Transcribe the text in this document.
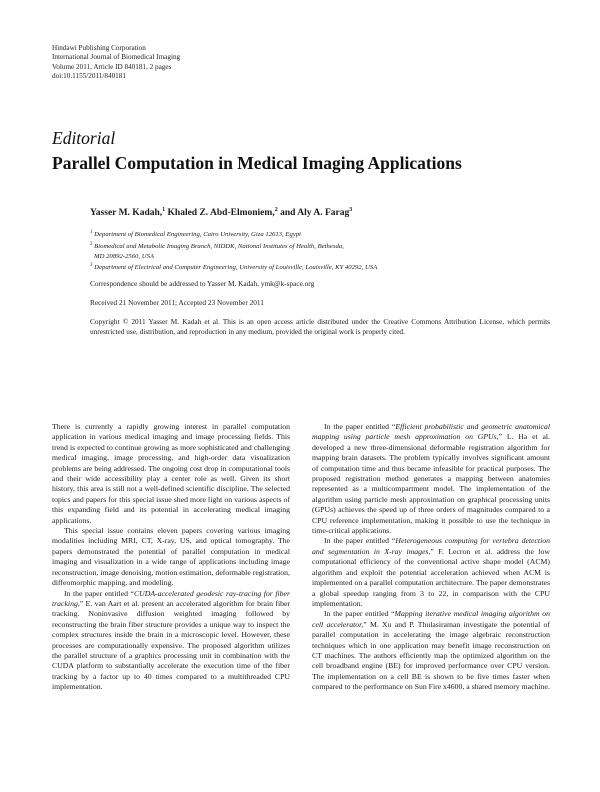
Hindawi Publishing Corporation
International Journal of Biomedical Imaging
Volume 2011, Article ID 840181, 2 pages
doi:10.1155/2011/840181
Editorial
Parallel Computation in Medical Imaging Applications
Yasser M. Kadah,$^1$ Khaled Z. Abd-Elmoniem,$^2$ and Aly A. Farag$^3$
$^1$ Department of Biomedical Engineering, Cairo University, Giza 12613, Egypt
$^2$ Biomedical and Metabolic Imaging Branch, NIDDK, National Institutes of Health, Bethesda,
MD 20892-2560, USA
$^3$ Department of Electrical and Computer Engineering, University of Louisville, Louisville, KY 40292, USA
Correspondence should be addressed to Yasser M. Kadah, ymk@k-space.org
Received 21 November 2011; Accepted 23 November 2011
Copyright © 2011 Yasser M. Kadah et al. This is an open access article distributed under the Creative Commons Attribution License, which permits unrestricted use, distribution, and reproduction in any medium, provided the original work is properly cited.

There is currently a rapidly growing interest in parallel computation application in various medical imaging and image processing fields. This trend is expected to continue growing as more sophisticated and challenging medical imaging, image processing, and high-order data visualization problems are being addressed. The ongoing cost drop in computational tools and their wide accessibility play a center role as well. Given its short history, this area is still not a well-defined scientific discipline. The selected topics and papers for this special issue shed more light on various aspects of this expanding field and its potential in accelerating medical imaging applications.

This special issue contains eleven papers covering various imaging modalities including MRI, CT, X-ray, US, and optical tomography. The papers demonstrated the potential of parallel computation in medical imaging and visualization in a wide range of applications including image reconstruction, image denoising, motion estimation, deformable registration, diffeomorphic mapping, and modeling.

In the paper entitled “CUDA-accelerated geodesic ray-tracing for fiber tracking,” E. van Aart et al. present an accelerated algorithm for brain fiber tracking. Noninvasive diffusion weighted imaging followed by reconstructing the brain fiber structure provides a unique way to inspect the complex structures inside the brain in a microscopic level. However, these processes are computationally expensive. The proposed algorithm utilizes the parallel structure of a graphics processing unit in combination with the CUDA platform to substantially accelerate the execution time of the fiber tracking by a factor up to 40 times compared to a multithreaded CPU implementation.

In the paper entitled “Efficient probabilistic and geometric anatomical mapping using particle mesh approximation on GPUs,” L. Ha et al. developed a new three-dimensional deformable registration algorithm for mapping brain datasets. The problem typically involves significant amount of computation time and thus became infeasible for practical purposes. The proposed registration method generates a mapping between anatomies represented as a multicompartment model. The implementation of the algorithm using particle mesh approximation on graphical processing units (GPUs) achieves the speed up of three orders of magnitudes compared to a CPU reference implementation, making it possible to use the technique in time-critical applications.

In the paper entitled “Heterogeneous computing for vertebra detection and segmentation in X-ray images,” F. Lecron et al. address the low computational efficiency of the conventional active shape model (ACM) algorithm and exploit the potential acceleration achieved when ACM is implemented on a parallel computation architecture. The paper demonstrates a global speedup ranging from 3 to 22, in comparison with the CPU implementation.

In the paper entitled “Mapping iterative medical imaging algorithm on cell accelerator,” M. Xu and P. Thulasiraman investigate the potential of parallel computation in accelerating the image algebraic reconstruction techniques which in one application may benefit image reconstruction on CT machines. The authors efficiently map the optimized algorithm on the cell broadband engine (BE) for improved performance over CPU version. The implementation on a cell BE is shown to be five times faster when compared to the performance on Sun Fire x4600, a shared memory machine.
